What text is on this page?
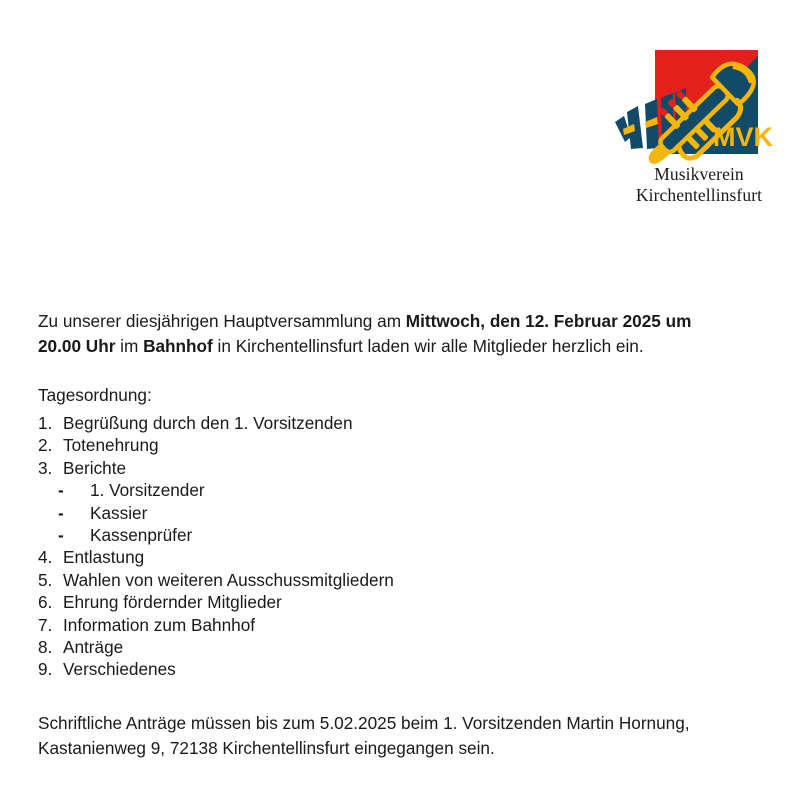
MVK
Musikverein
Kirchentellinsfurt

Zu unserer diesjährigen Hauptversammlung am Mittwoch, den 12. Februar 2025 um 20.00 Uhr im Bahnhof in Kirchentellinsfurt laden wir alle Mitglieder herzlich ein.

Tagesordnung:
1. Begrüßung durch den 1. Vorsitzenden
2. Totenehrung
3. Berichte
-	1. Vorsitzender
-	Kassier
-	Kassenprüfer
4. Entlastung
5. Wahlen von weiteren Ausschussmitgliedern
6. Ehrung fördernder Mitglieder
7. Information zum Bahnhof
8. Anträge
9. Verschiedenes
Schriftliche Anträge müssen bis zum 5.02.2025 beim 1. Vorsitzenden Martin Hornung,
Kastanienweg 9, 72138 Kirchentellinsfurt eingegangen sein.
